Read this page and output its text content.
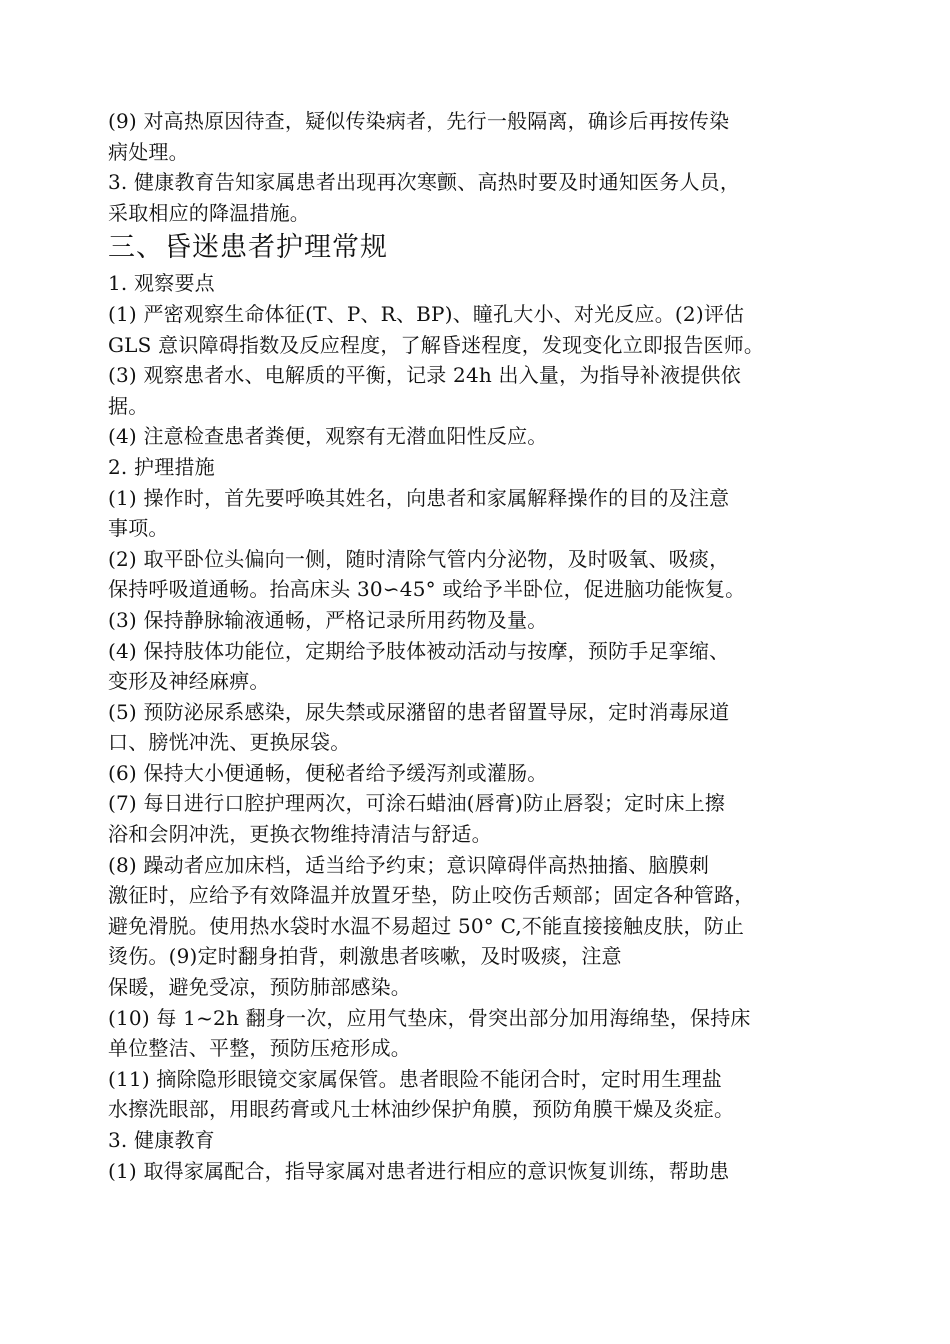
(9) 对高热原因待查，疑似传染病者，先行一般隔离，确诊后再按传染
病处理。
3. 健康教育告知家属患者出现再次寒颤、高热时要及时通知医务人员，
采取相应的降温措施。
三、昏迷患者护理常规
1. 观察要点
(1) 严密观察生命体征(T、P、R、BP)、瞳孔大小、对光反应。(2)评估
GLS 意识障碍指数及反应程度，了解昏迷程度，发现变化立即报告医师。
(3) 观察患者水、电解质的平衡，记录 24h 出入量，为指导补液提供依
据。
(4) 注意检查患者粪便，观察有无潜血阳性反应。
2. 护理措施
(1) 操作时，首先要呼唤其姓名，向患者和家属解释操作的目的及注意
事项。
(2) 取平卧位头偏向一侧，随时清除气管内分泌物，及时吸氧、吸痰，
保持呼吸道通畅。抬高床头 30∽45° 或给予半卧位，促进脑功能恢复。
(3) 保持静脉输液通畅，严格记录所用药物及量。
(4) 保持肢体功能位，定期给予肢体被动活动与按摩，预防手足挛缩、
变形及神经麻痹。
(5) 预防泌尿系感染，尿失禁或尿潴留的患者留置导尿，定时消毒尿道
口、膀恍冲洗、更换尿袋。
(6) 保持大小便通畅，便秘者给予缓泻剂或灌肠。
(7) 每日进行口腔护理两次，可涂石蜡油(唇膏)防止唇裂；定时床上擦
浴和会阴冲洗，更换衣物维持清洁与舒适。
(8) 躁动者应加床档，适当给予约束；意识障碍伴高热抽搐、脑膜刺
激征时，应给予有效降温并放置牙垫，防止咬伤舌颊部；固定各种管路，
避免滑脱。使用热水袋时水温不易超过 50° C,不能直接接触皮肤，防止
烫伤。(9)定时翻身拍背，刺激患者咳嗽，及时吸痰，注意
保暖，避免受凉，预防肺部感染。
(10) 每 1~2h 翻身一次，应用气垫床，骨突出部分加用海绵垫，保持床
单位整洁、平整，预防压疮形成。
(11) 摘除隐形眼镜交家属保管。患者眼险不能闭合时，定时用生理盐
水擦洗眼部，用眼药膏或凡士林油纱保护角膜，预防角膜干燥及炎症。
3. 健康教育
(1) 取得家属配合，指导家属对患者进行相应的意识恢复训练，帮助患
